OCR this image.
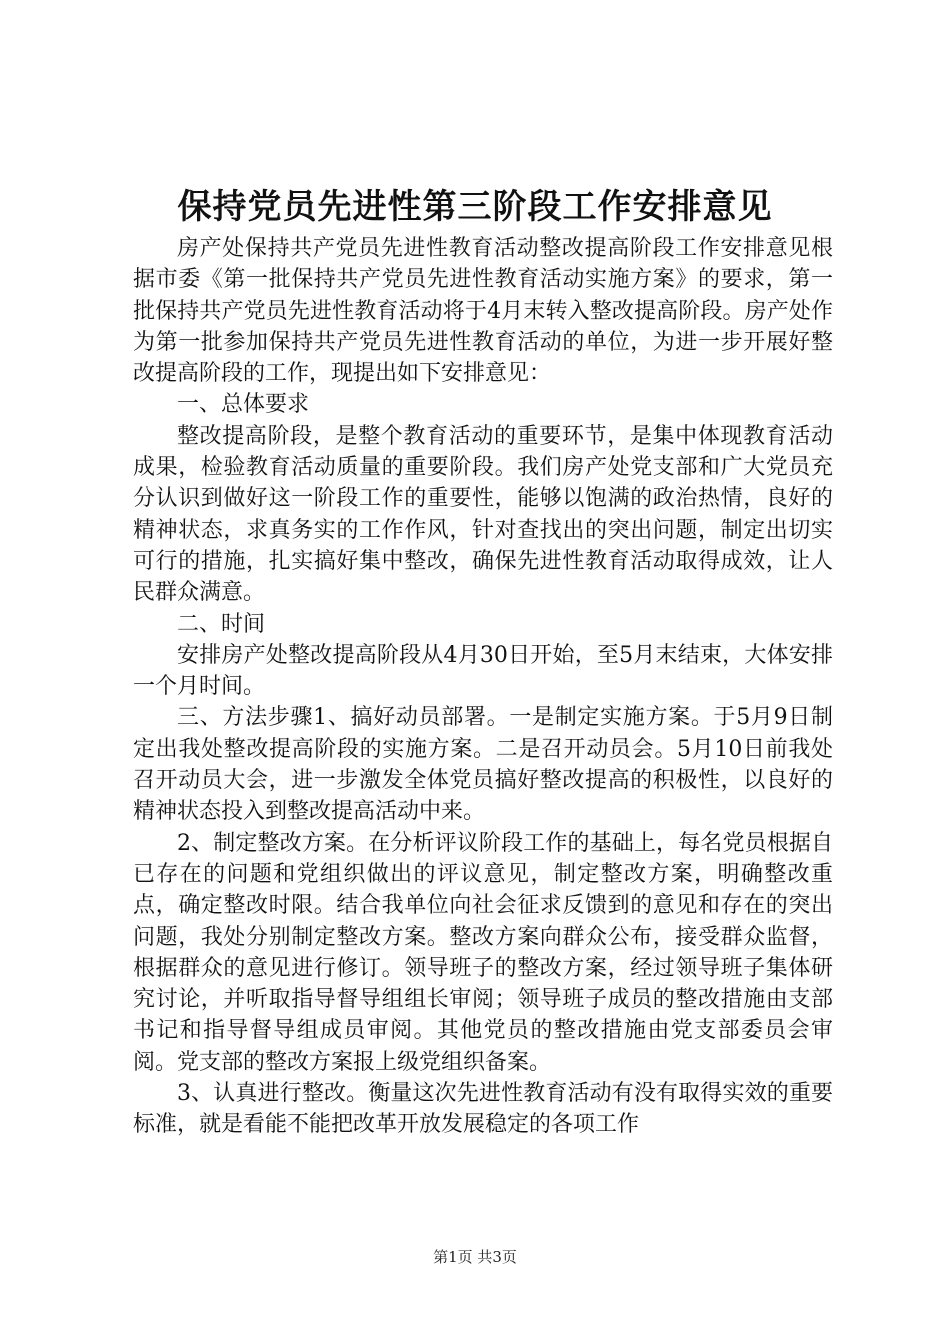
保持党员先进性第三阶段工作安排意见

房产处保持共产党员先进性教育活动整改提高阶段工作安排意见根据市委《第一批保持共产党员先进性教育活动实施方案》的要求，第一批保持共产党员先进性教育活动将于4月末转入整改提高阶段。房产处作为第一批参加保持共产党员先进性教育活动的单位，为进一步开展好整改提高阶段的工作，现提出如下安排意见：

一、总体要求

整改提高阶段，是整个教育活动的重要环节，是集中体现教育活动成果，检验教育活动质量的重要阶段。我们房产处党支部和广大党员充分认识到做好这一阶段工作的重要性，能够以饱满的政治热情，良好的精神状态，求真务实的工作作风，针对查找出的突出问题，制定出切实可行的措施，扎实搞好集中整改，确保先进性教育活动取得成效，让人民群众满意。

二、时间

安排房产处整改提高阶段从4月30日开始，至5月末结束，大体安排一个月时间。

三、方法步骤1、搞好动员部署。一是制定实施方案。于5月9日制定出我处整改提高阶段的实施方案。二是召开动员会。5月10日前我处召开动员大会，进一步激发全体党员搞好整改提高的积极性，以良好的精神状态投入到整改提高活动中来。

2、制定整改方案。在分析评议阶段工作的基础上，每名党员根据自已存在的问题和党组织做出的评议意见，制定整改方案，明确整改重点，确定整改时限。结合我单位向社会征求反馈到的意见和存在的突出问题，我处分别制定整改方案。整改方案向群众公布，接受群众监督，根据群众的意见进行修订。领导班子的整改方案，经过领导班子集体研究讨论，并听取指导督导组组长审阅；领导班子成员的整改措施由支部书记和指导督导组成员审阅。其他党员的整改措施由党支部委员会审阅。党支部的整改方案报上级党组织备案。

3、认真进行整改。衡量这次先进性教育活动有没有取得实效的重要标准，就是看能不能把改革开放发展稳定的各项工作

第1页 共3页
